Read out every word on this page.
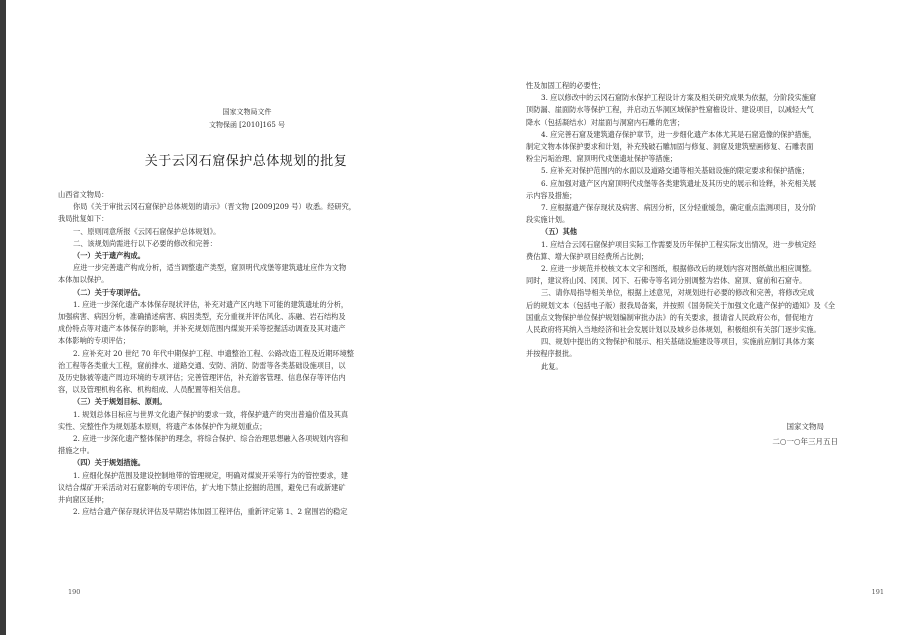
国家文物局文件
文物保函 [2010]165 号
关于云冈石窟保护总体规划的批复
山西省文物局：
你局《关于审批云冈石窟保护总体规划的请示》（晋文物 [2009]209 号）收悉。经研究，
我局批复如下：
一、原则同意所报《云冈石窟保护总体规划》。
二、该规划尚需进行以下必要的修改和完善：
（一）关于遗产构成。
应进一步完善遗产构成分析，适当调整遗产类型，窟顶明代戍堡等建筑遗址应作为文物
本体加以保护。
（二）关于专项评估。
1. 应进一步深化遗产本体保存现状评估，补充对遗产区内地下可能的建筑遗址的分析，
加强病害、病因分析，准确描述病害、病因类型，充分重视并评估风化、冻融、岩石结构及
成份特点等对遗产本体保存的影响，并补充规划范围内煤炭开采等挖掘活动调查及其对遗产
本体影响的专项评估；
2. 应补充对 20 世纪 70 年代中期保护工程、申遗整治工程、公路改造工程及近期环境整
治工程等各类重大工程，窟前排水、道路交通、安防、消防、防雷等各类基础设施项目，以
及历史脉被等遗产周边环境的专项评估；完善管理评估，补充游客管理、信息保存等评估内
容，以及管理机构名称、机构组成、人员配置等相关信息。
（三）关于规划目标、原则。
1. 规划总体目标应与世界文化遗产保护的要求一致，将保护遗产的突出普遍价值及其真
实性、完整性作为规划基本原则，将遗产本体保护作为规划重点；
2. 应进一步深化遗产整体保护的理念，将综合保护、综合治理思想融入各项规划内容和
措施之中。
（四）关于规划措施。
1. 应细化保护范围及建设控制地带的管理规定，明确对煤炭开采等行为的管控要求，建
议结合煤矿开采活动对石窟影响的专项评估，扩大地下禁止挖掘的范围，避免已有或新建矿
井向窟区延伸；
2. 应结合遗产保存现状评估及早期岩体加固工程评估，重新评定第 1、2 窟围岩的稳定
190
性及加固工程的必要性；
3. 应以修改中的云冈石窟防水保护工程设计方案及相关研究成果为依据，分阶段实施窟
顶防漏、崖面防水等保护工程，并启动五华洞区域保护性窟檐设计、建设项目，以减轻大气
降水（包括凝结水）对崖面与洞窟内石雕的危害；
4. 应完善石窟及建筑遗存保护章节，进一步细化遗产本体尤其是石窟造像的保护措施，
制定文物本体保护要求和计划，补充残破石雕加固与修复、洞窟及建筑壁画修复、石雕表面
粉尘污垢治理、窟顶明代戍堡遗址保护等措施；
5. 应补充对保护范围内的水面以及道路交通等相关基础设施的限定要求和保护措施；
6. 应加强对遗产区内窟顶明代戍堡等各类建筑遗址及其历史的展示和诠释，补充相关展
示内容及措施；
7. 应根据遗产保存现状及病害、病因分析，区分轻重缓急，确定重点监测项目，及分阶
段实施计划。
（五）其他
1. 应结合云冈石窟保护项目实际工作需要及历年保护工程实际支出情况，进一步核定经
费估算、增大保护项目经费所占比例；
2. 应进一步规范并校核文本文字和图纸，根据修改后的规划内容对图纸做出相应调整。
同时，建议将山冈、冈顶、冈下、石佛寺等名词分别调整为岩体、窟顶、窟前和石窟寺。
三、请你局指导相关单位，根据上述意见，对规划进行必要的修改和完善，将修改完成
后的规划文本（包括电子版）报我局备案，并按照《国务院关于加强文化遗产保护的通知》及《全
国重点文物保护单位保护规划编制审批办法》的有关要求，报请省人民政府公布，督促地方
人民政府将其纳入当地经济和社会发展计划以及城乡总体规划，积极组织有关部门逐步实施。
四、规划中提出的文物保护和展示、相关基础设施建设等项目，实施前应制订具体方案
并按程序报批。
此复。
国家文物局
二○一○年三月五日
191
